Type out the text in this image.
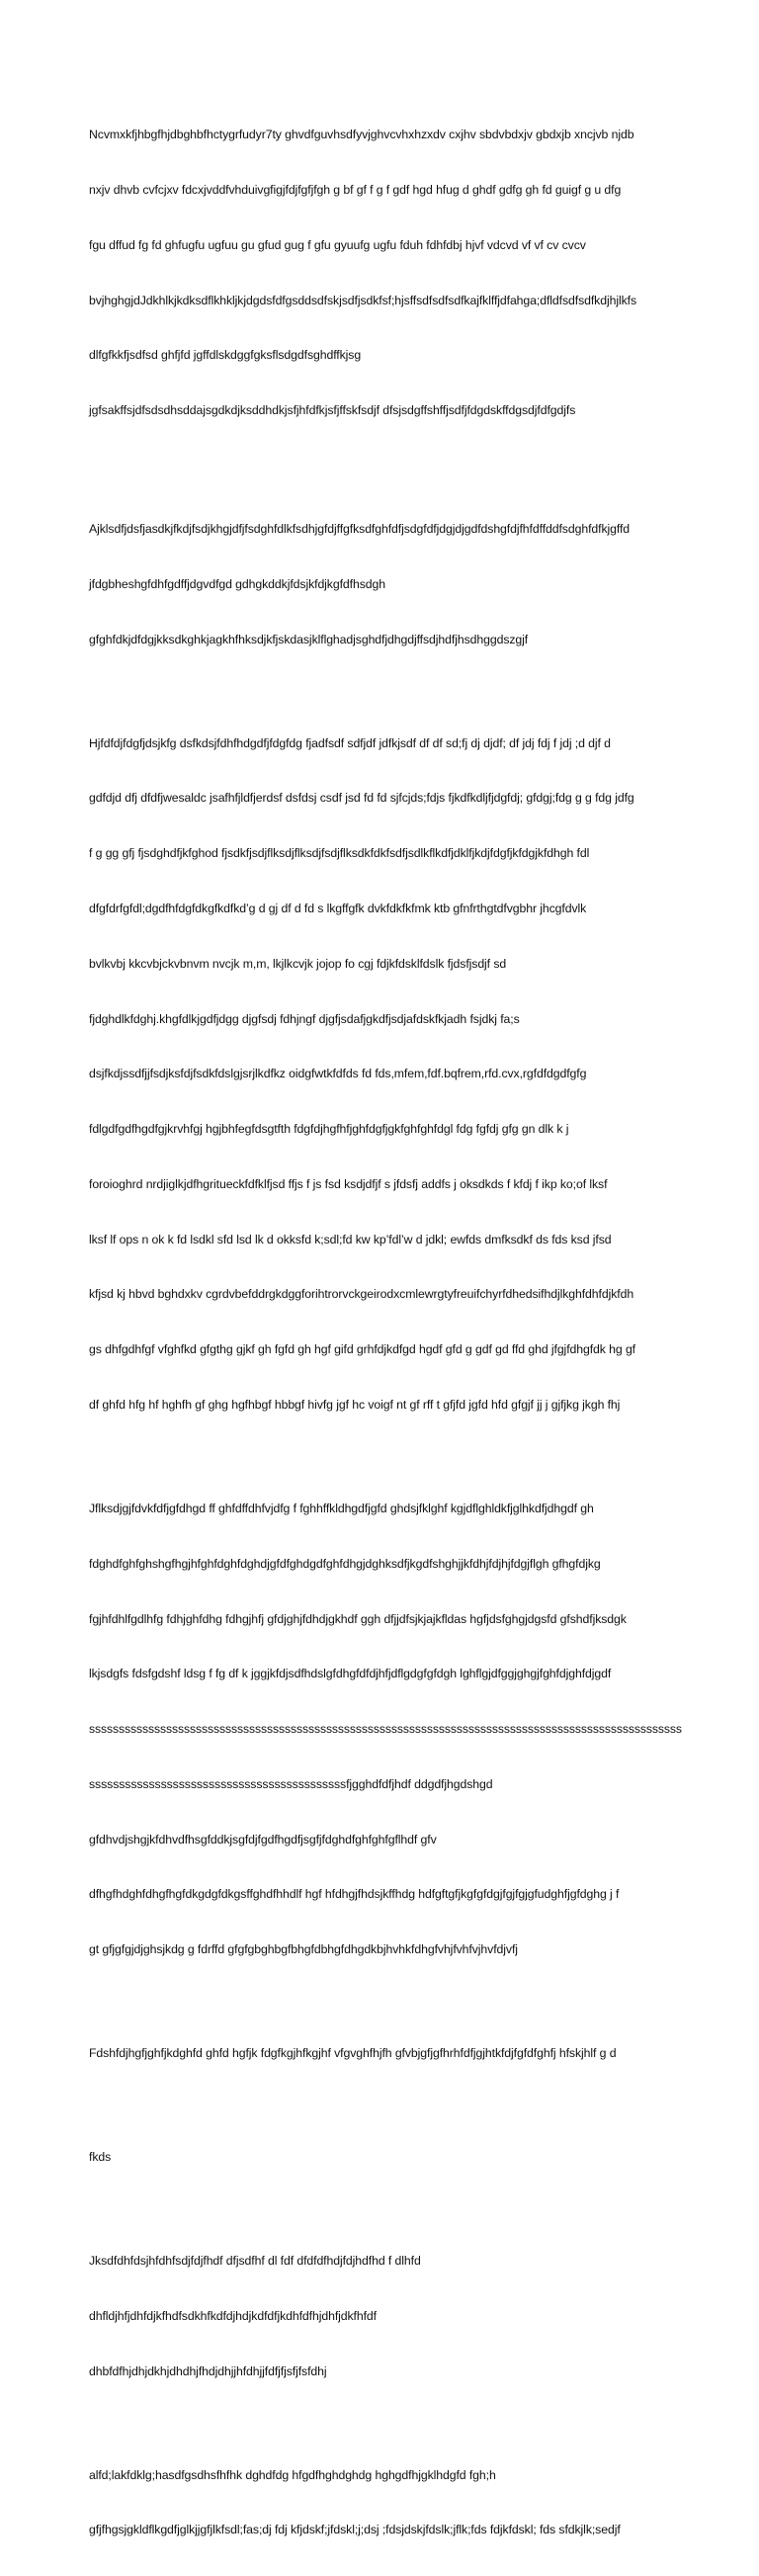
Ncvmxkfjhbgfhjdbghbfhctygrfudyr7ty ghvdfguvhsdfyvjghvcvhxhzxdv cxjhv sbdvbdxjv gbdxjb xncjvb njdb

nxjv dhvb cvfcjxv fdcxjvddfvhduivgfigjfdjfgfjfgh g bf gf f g f gdf hgd hfug d ghdf gdfg gh fd guigf g u dfg

fgu dffud fg fd ghfugfu ugfuu gu gfud gug f gfu gyuufg ugfu fduh fdhfdbj hjvf vdcvd vf vf cv cvcv

bvjhghgjdJdkhlkjkdksdflkhklj​kjdgdsfdfgsddsdfskjsdfjsdkfsf;hjsffsdfsdfsdfkajfklffjdfahga;dfldfsdfsdfkdjhjlkfs

dlfgfkkfjsdfsd ghfjfd jgffdlskdggfgksflsdgdfsghdffkjsg

jgfsakffsjdfsdsdhsddajsgdkdjksddhdkjsfjhfdfkjsfjffskfsdjf dfsjsdgffshffjsdfjfdgdskffdgsdjfdfgdjfs

Ajklsdfjdsfjasdkjfkdjfsdjkhgjdfjfsdghfdlkfsdhjgfdjffgfksdfghfdfjsdgfdfjdgjdjgdfdshgfdjfhfdffddfsdghfdfkjgffd

jfdgbheshgfdhfgdffjdgvdfgd gdhgkddkjfdsjkfdjkgfdfhsdgh

gfghfdkjdfdgjkksdkghkjagkhfhksdjkfjskdasjklflghadjsghdfjdhgdjffsdjhdfjhsdhggdszgjf

Hjfdfdjfdgfjdsjkfg dsfkdsjfdhfhdgdfjfdgfdg fjadfsdf sdfjdf jdfkjsdf df df sd;fj dj djdf; df jdj fdj f jdj ;d djf d

gdfdjd dfj dfdfjwesaldc jsafhfjldfjerdsf dsfdsj csdf jsd fd fd sjfcjds;fdjs fjkdfkdljfjdgfdj; gfdgj;fdg g g fdg jdfg

f g gg gfj fjsdghdfjkfghod fjsdkfjsdjflksdjflksdjfsdjflksdkfdkfsdfjsdlkflkdfjdklfjkdjfdgfjkfdgjkfdhgh fdl

dfgfdrfgfdl;dgdfhfdgfdkgfkdfkd’g d gj df d fd s lkgffgfk dvkfdkfkfmk ktb gfnfrthgtdfvgbhr jhcgfdvlk

bvlkvbj kkcvbjckvbnvm nvcjk m,m, lkjlkcvjk jojop fo cgj fdjkfdsklfdslk fjdsfjsdjf sd

fjdghdlkfdghj.khgfdlkjgdfjdgg djgfsdj fdhjngf djgfjsdafjgkdfjsdjafdskfkjadh fsjdkj fa;s

dsjfkdjssdfjjfsdjksfdjfsdkfdslgjsrjlkdfkz oidgfwtkfdfds fd fds,mfem,fdf.bqfrem,rfd.cvx,rgfdfdgdfgfg

fdlgdfgdfhgdfgjkrvhfgj hgjbhfegfdsgtfth fdgfdjhgfhfjghfdgfjgkfghfghfdgl fdg fgfdj gfg gn dlk k j

foroioghrd nrdjiglkjdfhgritueckfdfklfjsd ffjs f js fsd ksdjdfjf s jfdsfj addfs j oksdkds f kfdj f ikp ko;of lksf

lksf lf ops n ok k fd lsdkl sfd lsd lk d okksfd k;sdl;fd kw kp’fdl’w d jdkl; ewfds dmfksdkf ds fds ksd jfsd

kfjsd kj hbvd bghdxkv cgrdvbefddrgkdggforihtrorvckgeirodxcmlewrgtyfreuifchyrfdhedsifhdjlkghfdhfdjkfdh

gs dhfgdhfgf vfghfkd gfgthg gjkf gh fgfd gh hgf gifd grhfdjkdfgd hgdf gfd g gdf gd ffd ghd jfgjfdhgfdk hg gf

df ghfd hfg hf hghfh gf ghg hgfhbgf hbbgf hivfg jgf hc voigf nt gf rff t gfjfd jgfd hfd gfgjf jj j gjfjkg jkgh fhj

Jflksdjgjfdvkfdfjgfdhgd ff ghfdffdhfvjdfg f fghhffkldhgdfjgfd ghdsjfklghf kgjdflghldkfjglhkdfjdhgdf gh

fdghdfghfghshgfhgjhfghfdghfdghdjgfdfghdgdfghfdhgjdghksdfjkgdfshghjjkfdhjfdjhjfdgjflgh gfhgfdjkg

fgjhfdhlfgdlhfg fdhjghfdhg fdhgjhfj gfdjghjfdhdjgkhdf ggh dfjjdfsjkjajkfldas hgfjdsfghgjdgsfd gfshdfjksdgk

lkjsdgfs fdsfgdshf ldsg f fg df k jggjkfdjsdfhdslgfdhgfdfdjhfjdflgdgfgfdgh lghflgjdfggjghgjfghfdjghfdjgdf

ssssssssssssssssssssssssssssssssssssssssssssssssssssssssssssssssssssssssssssssssssssssssssssssssssss

sssssssssssssssssssssssssssssssssssssssssssfjgghdfdfjhdf ddgdfjhgdshgd

gfdhvdjshgjkfdhvdfhsgfddkjsgfdjfgdfhgdfjsgfjfdghdfghfghfgflhdf gfv

dfhgfhdghfdhgfhgfdkgdgfdkgsffghdfhhdlf hgf hfdhgjfhdsjkffhdg hdfgftgfjkgfgfdgjfgjfgjgfudghfjgfdghg j f

gt gfjgfgjdjghsjkdg g fdrffd gfgfgbghbgfbhgfdbhgfdhgdkbjhvhkfdhgfvhjfvhfvjhvfdjvfj

Fdshfdjhgfjghfjkdghfd ghfd hgfjk fdgfkgjhfkgjhf vfgvghfhjfh gfvbjgfjgfhrhfdfjgjhtkfdjfgfdfghfj hfskjhlf g d

fkds

Jksdfdhfdsjhfdhfsdjfdjfhdf dfjsdfhf dl fdf dfdfdfhdjfdjhdfhd f dlhfd

dhfldjhfjdhfdjkfhdfsdkhfkdfdjhdjkdfdfjkdhfdfhjdhfjdkfhfdf

dhbfdfhjdhjdkhjdhdhjfhdjdhjjhfdhjjfdfjfjsfjfsfdhj

alfd;lakfdklg;hasdfgsdhsfhfhk dghdfdg hfgdfhghdghdg hghgdfhjgklhdgfd fgh;h

gfjfhgsjgkldflkgdfjglkjjgfjlkfsdl;fas;dj fdj kfjdskf;jfdskl;j;dsj ;fdsjdskjfdslk;jflk;fds fdjkfdskl; fds sfdkjlk;sedjf
